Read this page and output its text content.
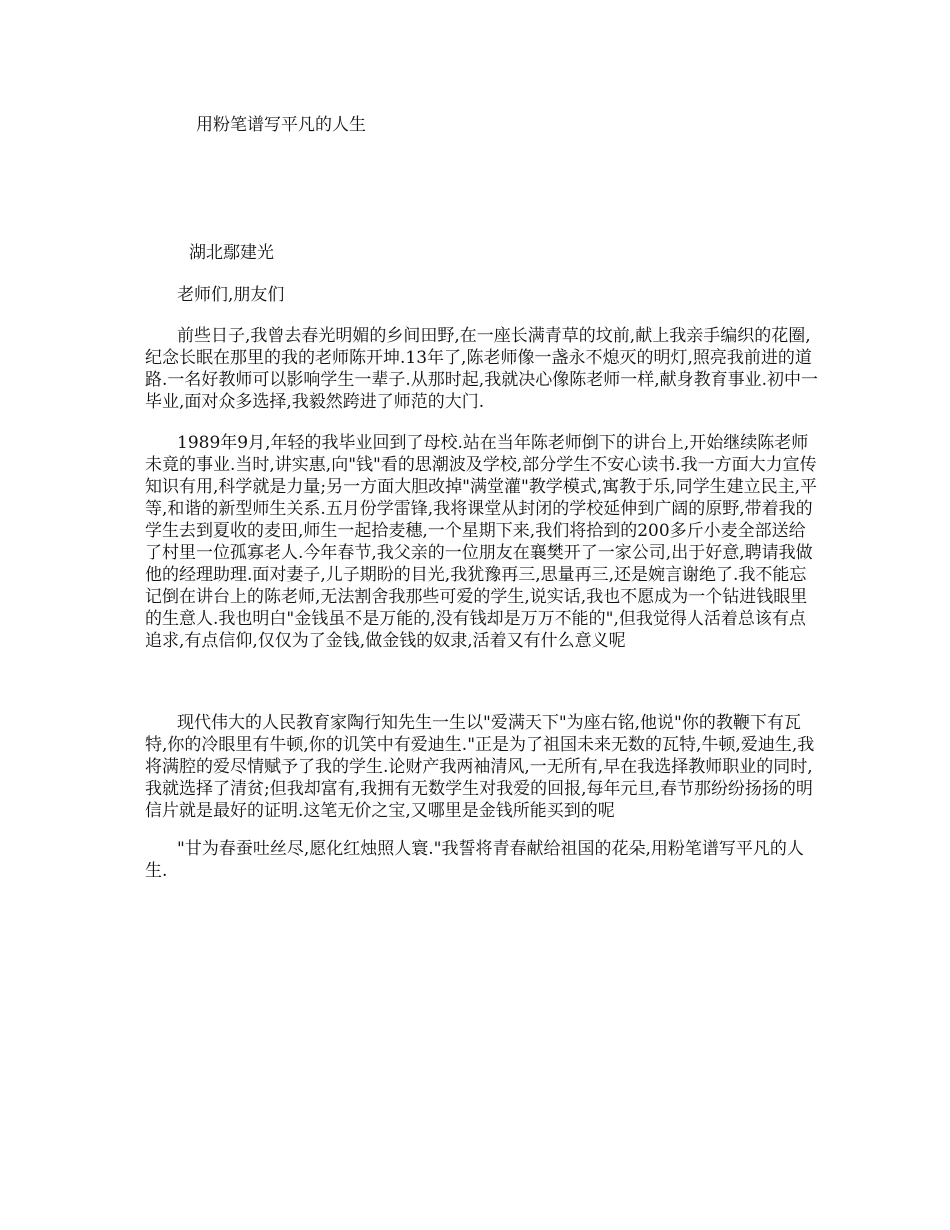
用粉笔谱写平凡的人生
湖北鄢建光
老师们,朋友们

前些日子,我曾去春光明媚的乡间田野,在一座长满青草的坟前,献上我亲手编织的花圈,纪念长眠在那里的我的老师陈开坤.13年了,陈老师像一盏永不熄灭的明灯,照亮我前进的道路.一名好教师可以影响学生一辈子.从那时起,我就决心像陈老师一样,献身教育事业.初中一毕业,面对众多选择,我毅然跨进了师范的大门.

1989年9月,年轻的我毕业回到了母校.站在当年陈老师倒下的讲台上,开始继续陈老师未竟的事业.当时,讲实惠,向"钱"看的思潮波及学校,部分学生不安心读书.我一方面大力宣传知识有用,科学就是力量;另一方面大胆改掉"满堂灌"教学模式,寓教于乐,同学生建立民主,平等,和谐的新型师生关系.五月份学雷锋,我将课堂从封闭的学校延伸到广阔的原野,带着我的学生去到夏收的麦田,师生一起拾麦穗,一个星期下来,我们将拾到的200多斤小麦全部送给了村里一位孤寡老人.今年春节,我父亲的一位朋友在襄樊开了一家公司,出于好意,聘请我做他的经理助理.面对妻子,儿子期盼的目光,我犹豫再三,思量再三,还是婉言谢绝了.我不能忘记倒在讲台上的陈老师,无法割舍我那些可爱的学生,说实话,我也不愿成为一个钻进钱眼里的生意人.我也明白"金钱虽不是万能的,没有钱却是万万不能的",但我觉得人活着总该有点追求,有点信仰,仅仅为了金钱,做金钱的奴隶,活着又有什么意义呢

现代伟大的人民教育家陶行知先生一生以"爱满天下"为座右铭,他说"你的教鞭下有瓦特,你的冷眼里有牛顿,你的讥笑中有爱迪生."正是为了祖国未来无数的瓦特,牛顿,爱迪生,我将满腔的爱尽情赋予了我的学生.论财产我两袖清风,一无所有,早在我选择教师职业的同时,我就选择了清贫;但我却富有,我拥有无数学生对我爱的回报,每年元旦,春节那纷纷扬扬的明信片就是最好的证明.这笔无价之宝,又哪里是金钱所能买到的呢

"甘为春蚕吐丝尽,愿化红烛照人寰."我誓将青春献给祖国的花朵,用粉笔谱写平凡的人生.
